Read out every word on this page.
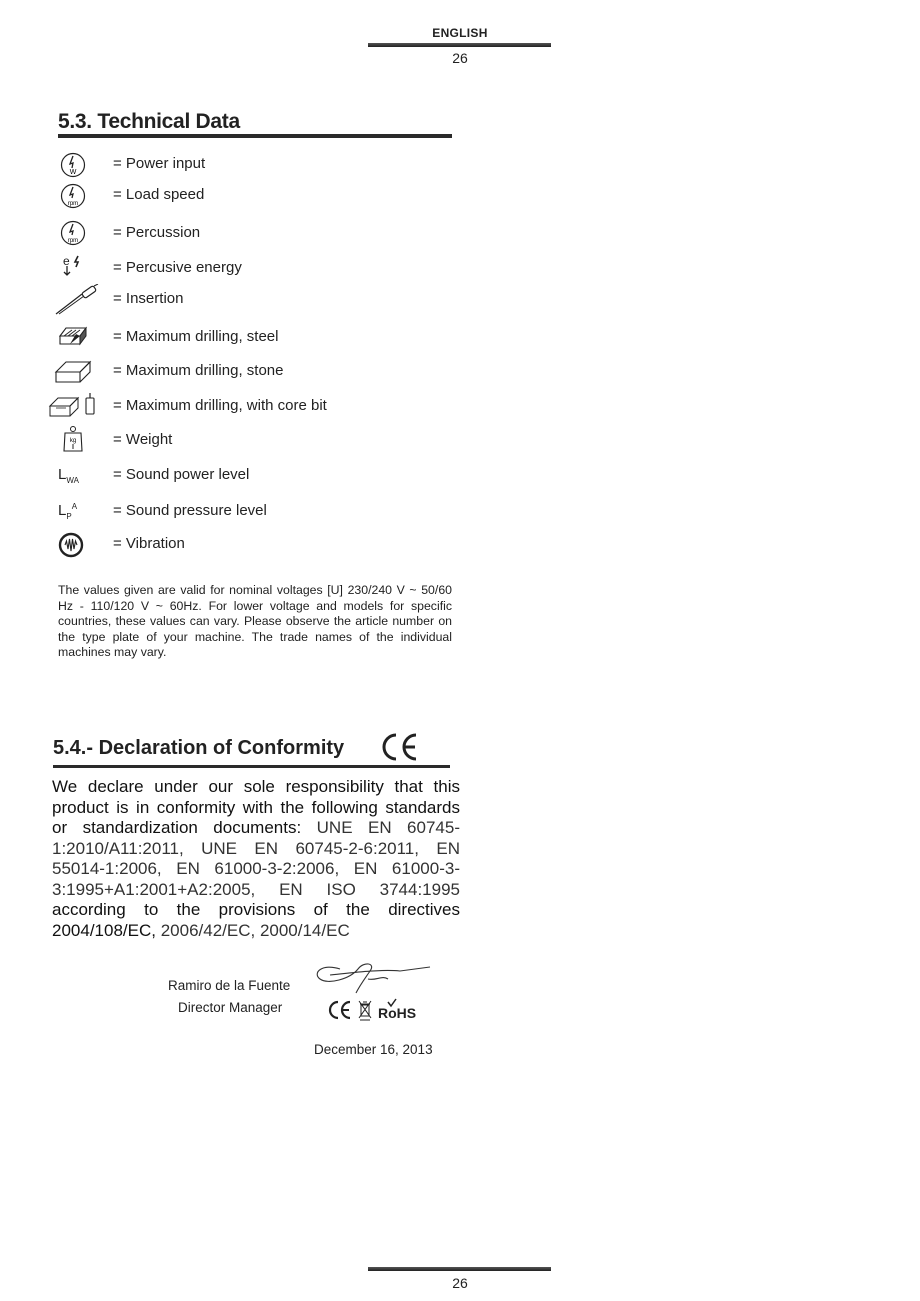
ENGLISH
26
5.3. Technical Data
W
rpm
rpm
e
kg
$L_{WA}$
$L_P^A$
= Power input
= Load speed
= Percussion
= Percusive energy
= Insertion
= Maximum drilling, steel
= Maximum drilling, stone
= Maximum drilling, with core bit
= Weight
= Sound power level
= Sound pressure level
= Vibration
The values given are valid for nominal voltages [U] 230/240 V ~ 50/60 Hz - 110/120 V ~ 60Hz. For lower voltage and models for specific countries, these values can vary. Please observe the article number on the type plate of your machine. The trade names of the individual machines may vary.
5.4.- Declaration of Conformity
We declare under our sole responsibility that this product is in conformity with the following standards or standardization documents: UNE EN 60745-1:2010/A11:2011, UNE EN 60745-2-6:2011, EN 55014-1:2006, EN 61000-3-2:2006, EN 61000-3-3:1995+A1:2001+A2:2005, EN ISO 3744:1995 according to the provisions of the directives 2004/108/EC, 2006/42/EC, 2000/14/EC
Ramiro de la Fuente
Director Manager	RoHS
December 16, 2013
26
